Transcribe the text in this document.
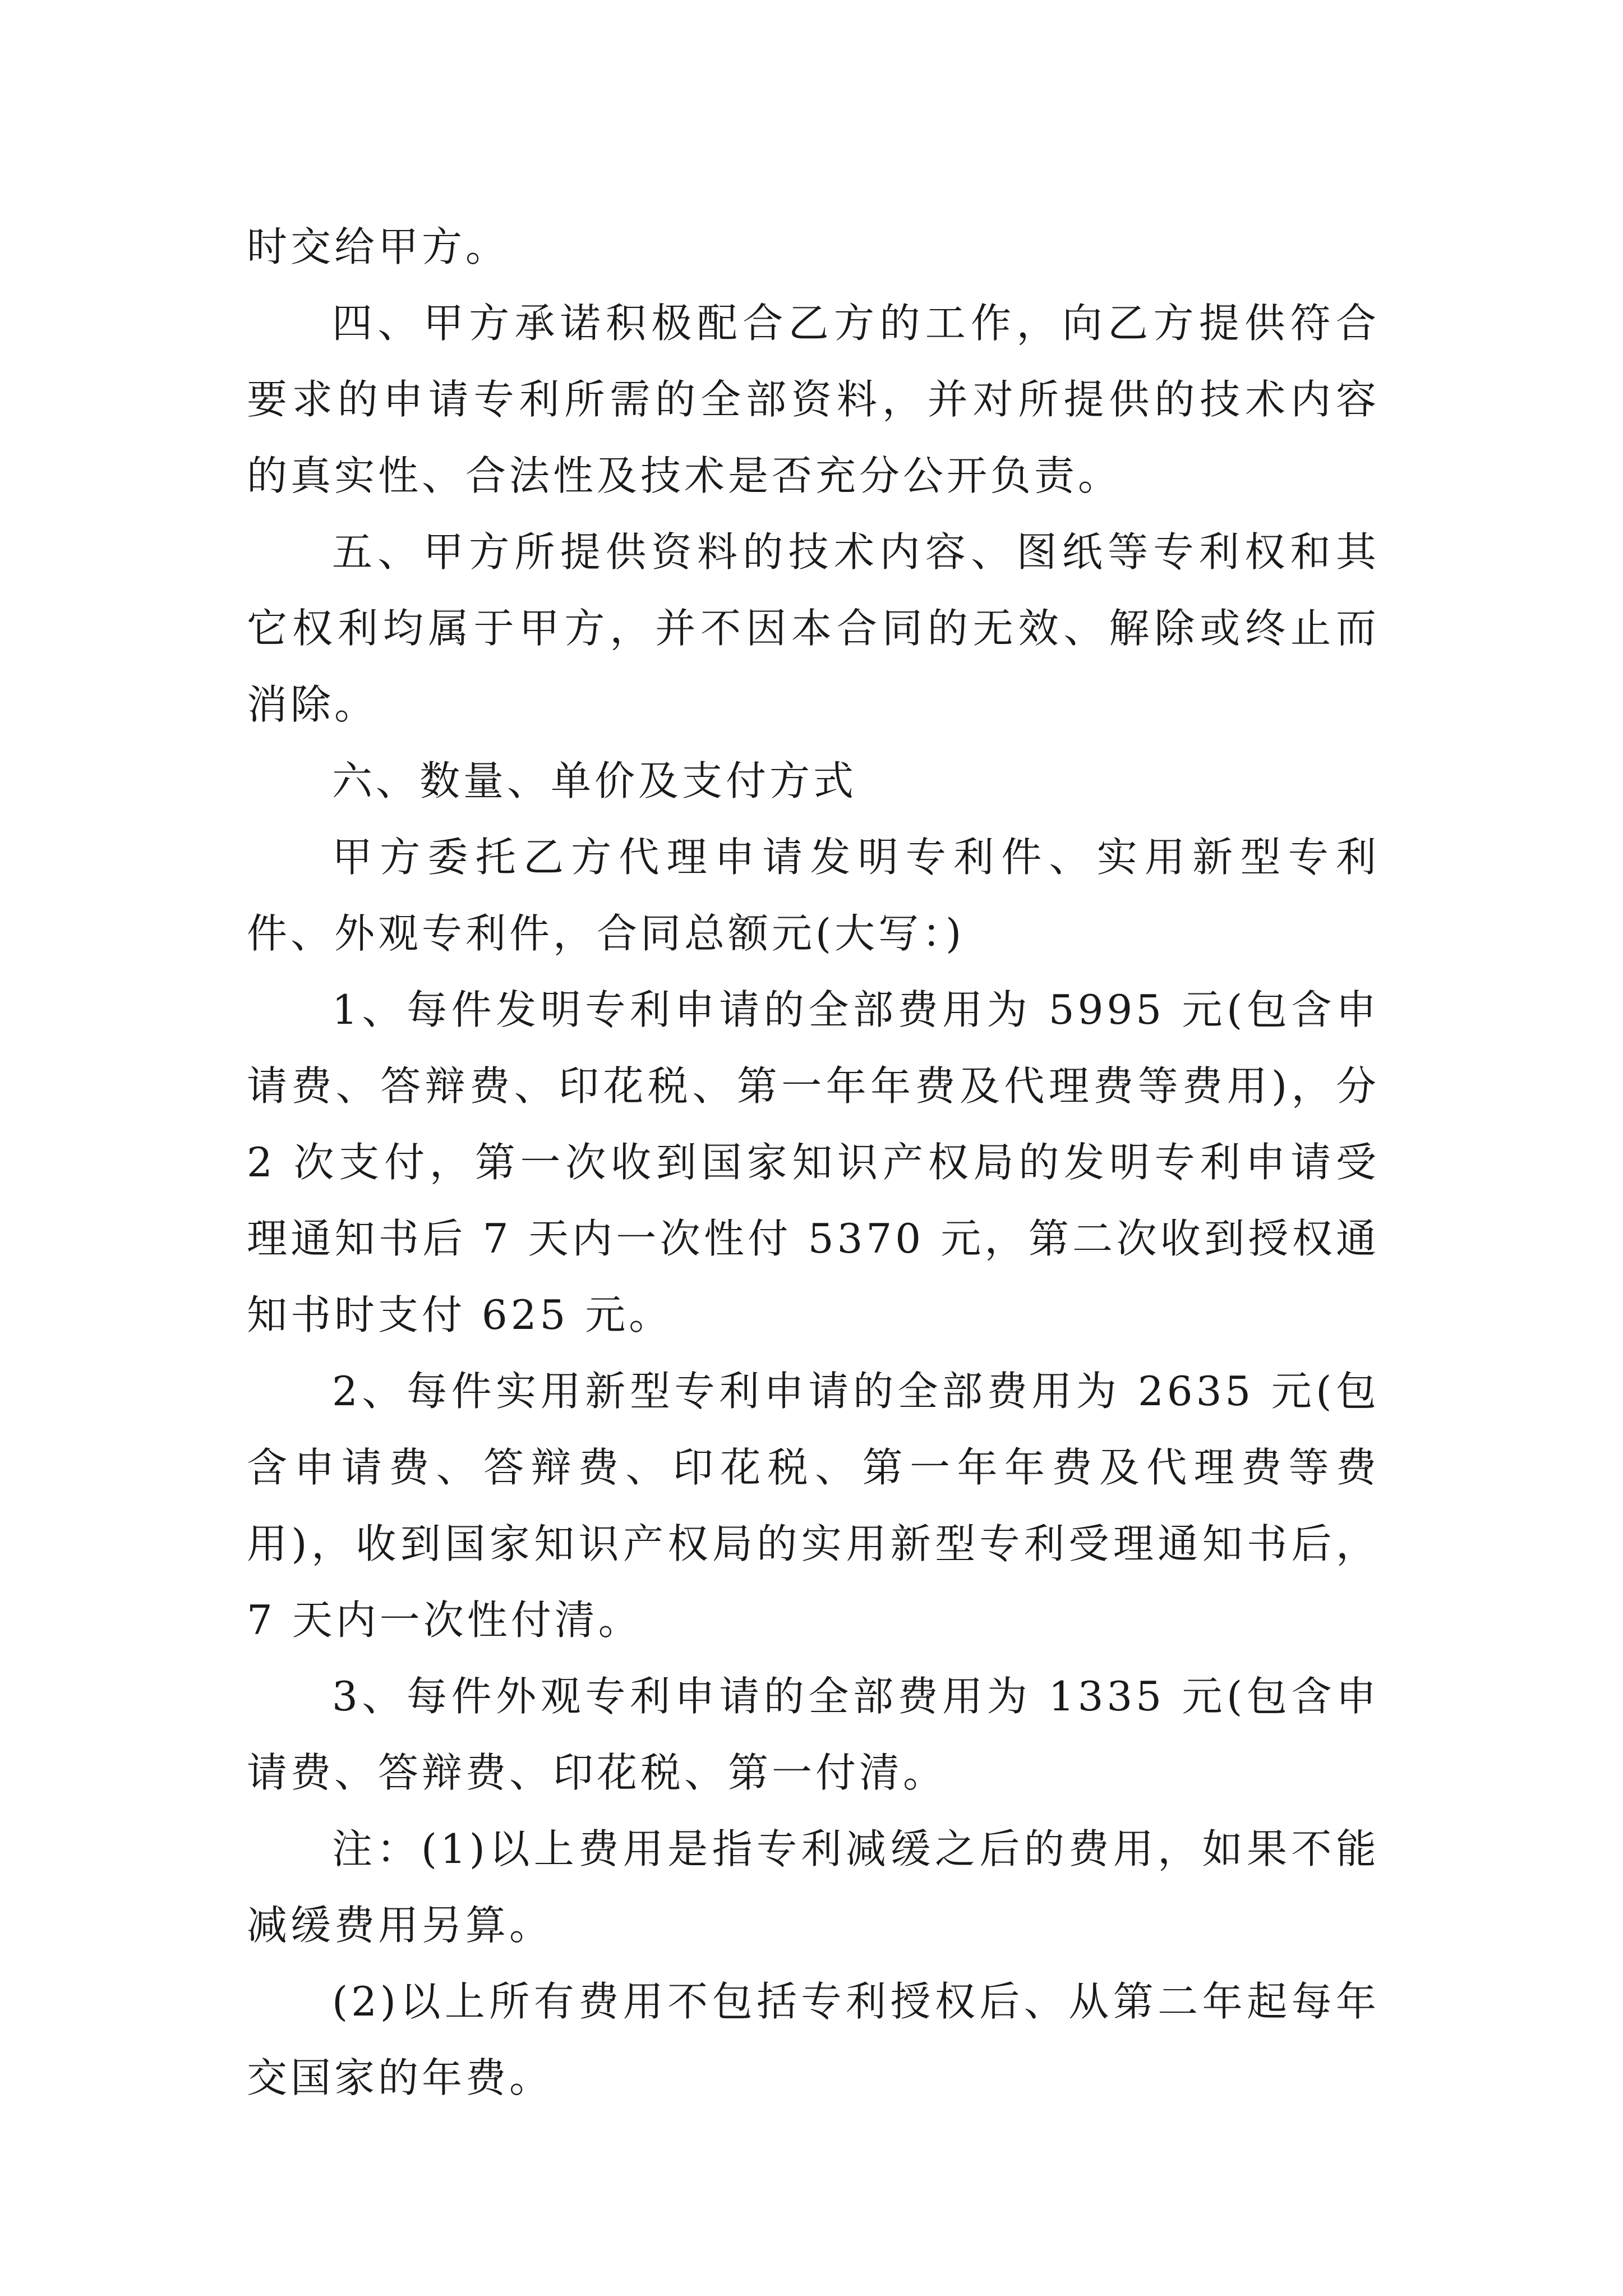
时交给甲方。

四、甲方承诺积极配合乙方的工作，向乙方提供符合要求的申请专利所需的全部资料，并对所提供的技术内容的真实性、合法性及技术是否充分公开负责。

五、甲方所提供资料的技术内容、图纸等专利权和其它权利均属于甲方，并不因本合同的无效、解除或终止而消除。

六、数量、单价及支付方式

甲方委托乙方代理申请发明专利件、实用新型专利件、外观专利件，合同总额元(大写：)

1、每件发明专利申请的全部费用为 5995 元(包含申请费、答辩费、印花税、第一年年费及代理费等费用)，分 2 次支付，第一次收到国家知识产权局的发明专利申请受理通知书后 7 天内一次性付 5370 元，第二次收到授权通知书时支付 625 元。

2、每件实用新型专利申请的全部费用为 2635 元(包含申请费、答辩费、印花税、第一年年费及代理费等费用)，收到国家知识产权局的实用新型专利受理通知书后，7 天内一次性付清。

3、每件外观专利申请的全部费用为 1335 元(包含申请费、答辩费、印花税、第一付清。

注：(1)以上费用是指专利减缓之后的费用，如果不能减缓费用另算。

(2)以上所有费用不包括专利授权后、从第二年起每年交国家的年费。
